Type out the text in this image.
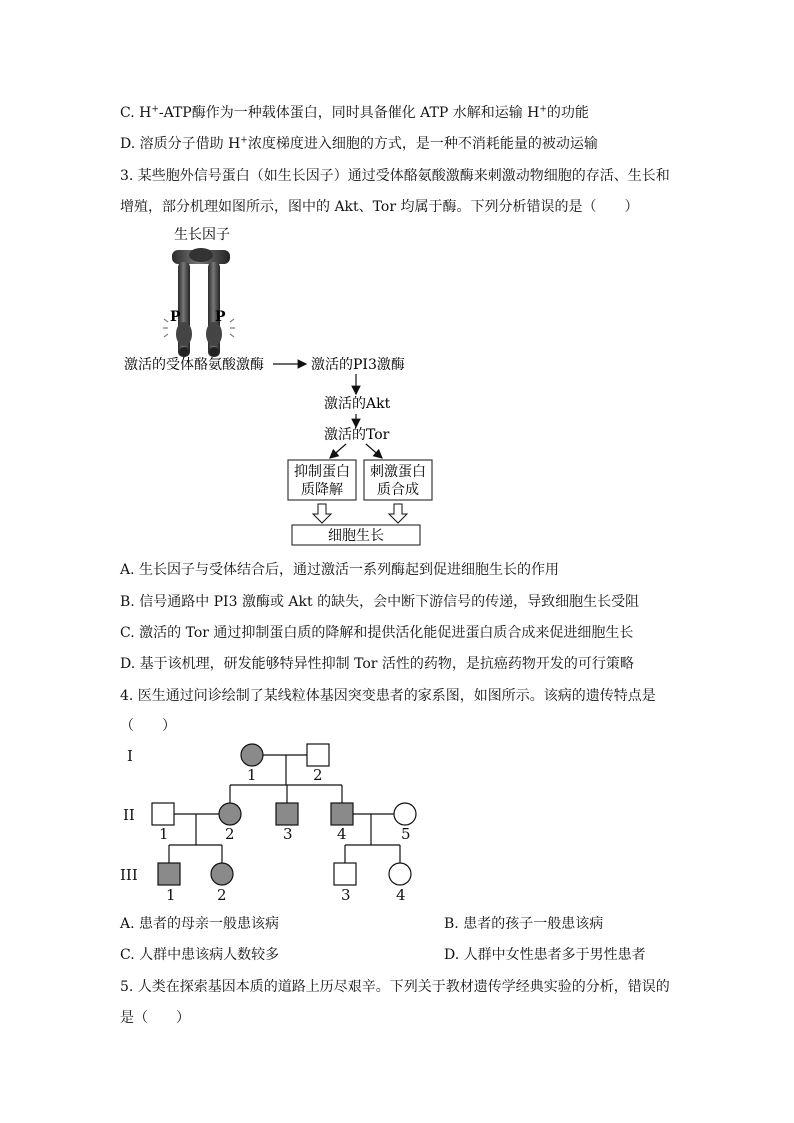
C. H+-ATP酶作为一种载体蛋白，同时具备催化 ATP 水解和运输 H+的功能
D. 溶质分子借助 H+浓度梯度进入细胞的方式，是一种不消耗能量的被动运输
3. 某些胞外信号蛋白（如生长因子）通过受体酪氨酸激酶来刺激动物细胞的存活、生长和
增殖，部分机理如图所示，图中的 Akt、Tor 均属于酶。下列分析错误的是（　　）
生长因子
P P
激活的受体酪氨酸激酶	激活的PI3激酶
激活的Akt
激活的Tor
抑制蛋白
质降解
刺激蛋白
质合成
细胞生长
A. 生长因子与受体结合后，通过激活一系列酶起到促进细胞生长的作用
B. 信号通路中 PI3 激酶或 Akt 的缺失，会中断下游信号的传递，导致细胞生长受阻
C. 激活的 Tor 通过抑制蛋白质的降解和提供活化能促进蛋白质合成来促进细胞生长
D. 基于该机理，研发能够特异性抑制 Tor 活性的药物，是抗癌药物开发的可行策略
4. 医生通过问诊绘制了某线粒体基因突变患者的家系图，如图所示。该病的遗传特点是
（　　）
I
II
III
1	2
1	2	3	4	5
1	2	3	4
A. 患者的母亲一般患该病	B. 患者的孩子一般患该病
C. 人群中患该病人数较多	D. 人群中女性患者多于男性患者
5. 人类在探索基因本质的道路上历尽艰辛。下列关于教材遗传学经典实验的分析，错误的
是（　　）
